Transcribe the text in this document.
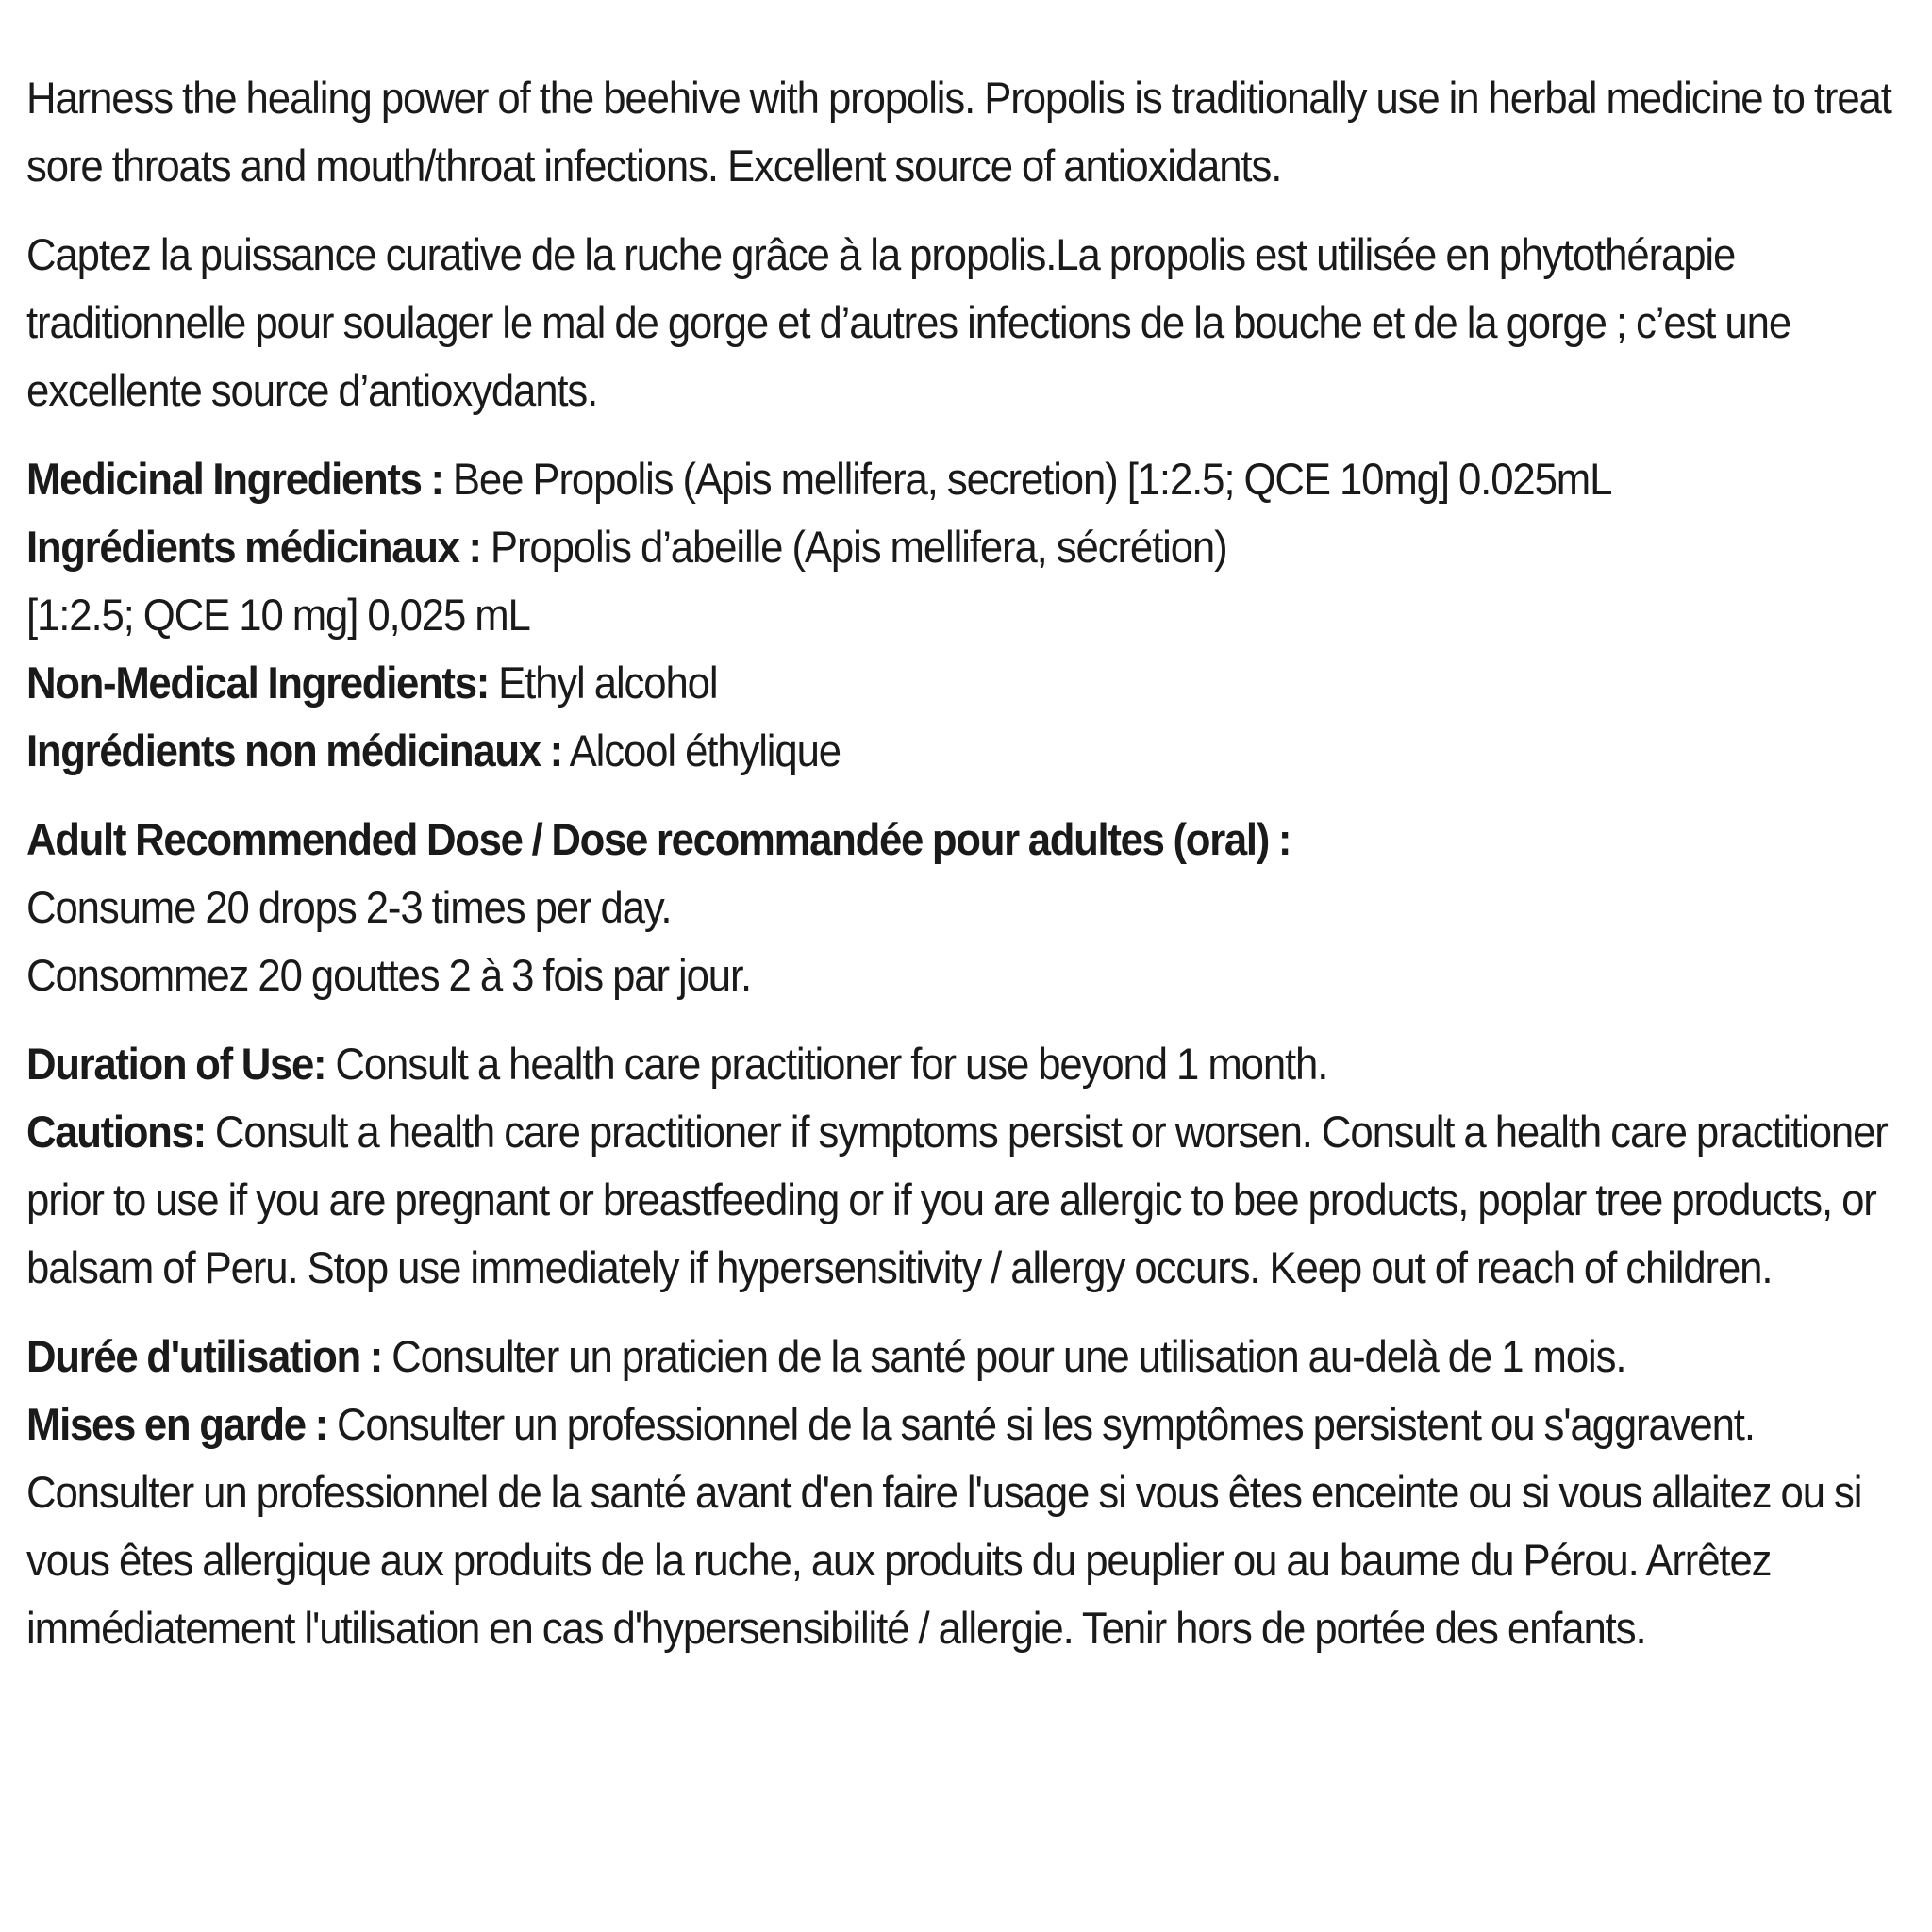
Harness the healing power of the beehive with propolis. Propolis is traditionally use in herbal medicine to treat sore throats and mouth/throat infections. Excellent source of antioxidants.

Captez la puissance curative de la ruche grâce à la propolis.La propolis est utilisée en phytothérapie traditionnelle pour soulager le mal de gorge et d’autres infections de la bouche et de la gorge ; c’est une excellente source d’antioxydants.

Medicinal Ingredients : Bee Propolis (Apis mellifera, secretion) [1:2.5; QCE 10mg] 0.025mL

Ingrédients médicinaux : Propolis d’abeille (Apis mellifera, sécrétion)

[1:2.5; QCE 10 mg] 0,025 mL

Non-Medical Ingredients: Ethyl alcohol

Ingrédients non médicinaux : Alcool éthylique

Adult Recommended Dose / Dose recommandée pour adultes (oral) :

Consume 20 drops 2-3 times per day.

Consommez 20 gouttes 2 à 3 fois par jour.

Duration of Use: Consult a health care practitioner for use beyond 1 month.

Cautions: Consult a health care practitioner if symptoms persist or worsen. Consult a health care practitioner prior to use if you are pregnant or breastfeeding or if you are allergic to bee products, poplar tree products, or balsam of Peru. Stop use immediately if hypersensitivity / allergy occurs. Keep out of reach of children.

Durée d'utilisation : Consulter un praticien de la santé pour une utilisation au-delà de 1 mois.

Mises en garde : Consulter un professionnel de la santé si les symptômes persistent ou s'aggravent. Consulter un professionnel de la santé avant d'en faire l'usage si vous êtes enceinte ou si vous allaitez ou si vous êtes allergique aux produits de la ruche, aux produits du peuplier ou au baume du Pérou. Arrêtez immédiatement l'utilisation en cas d'hypersensibilité / allergie. Tenir hors de portée des enfants.
